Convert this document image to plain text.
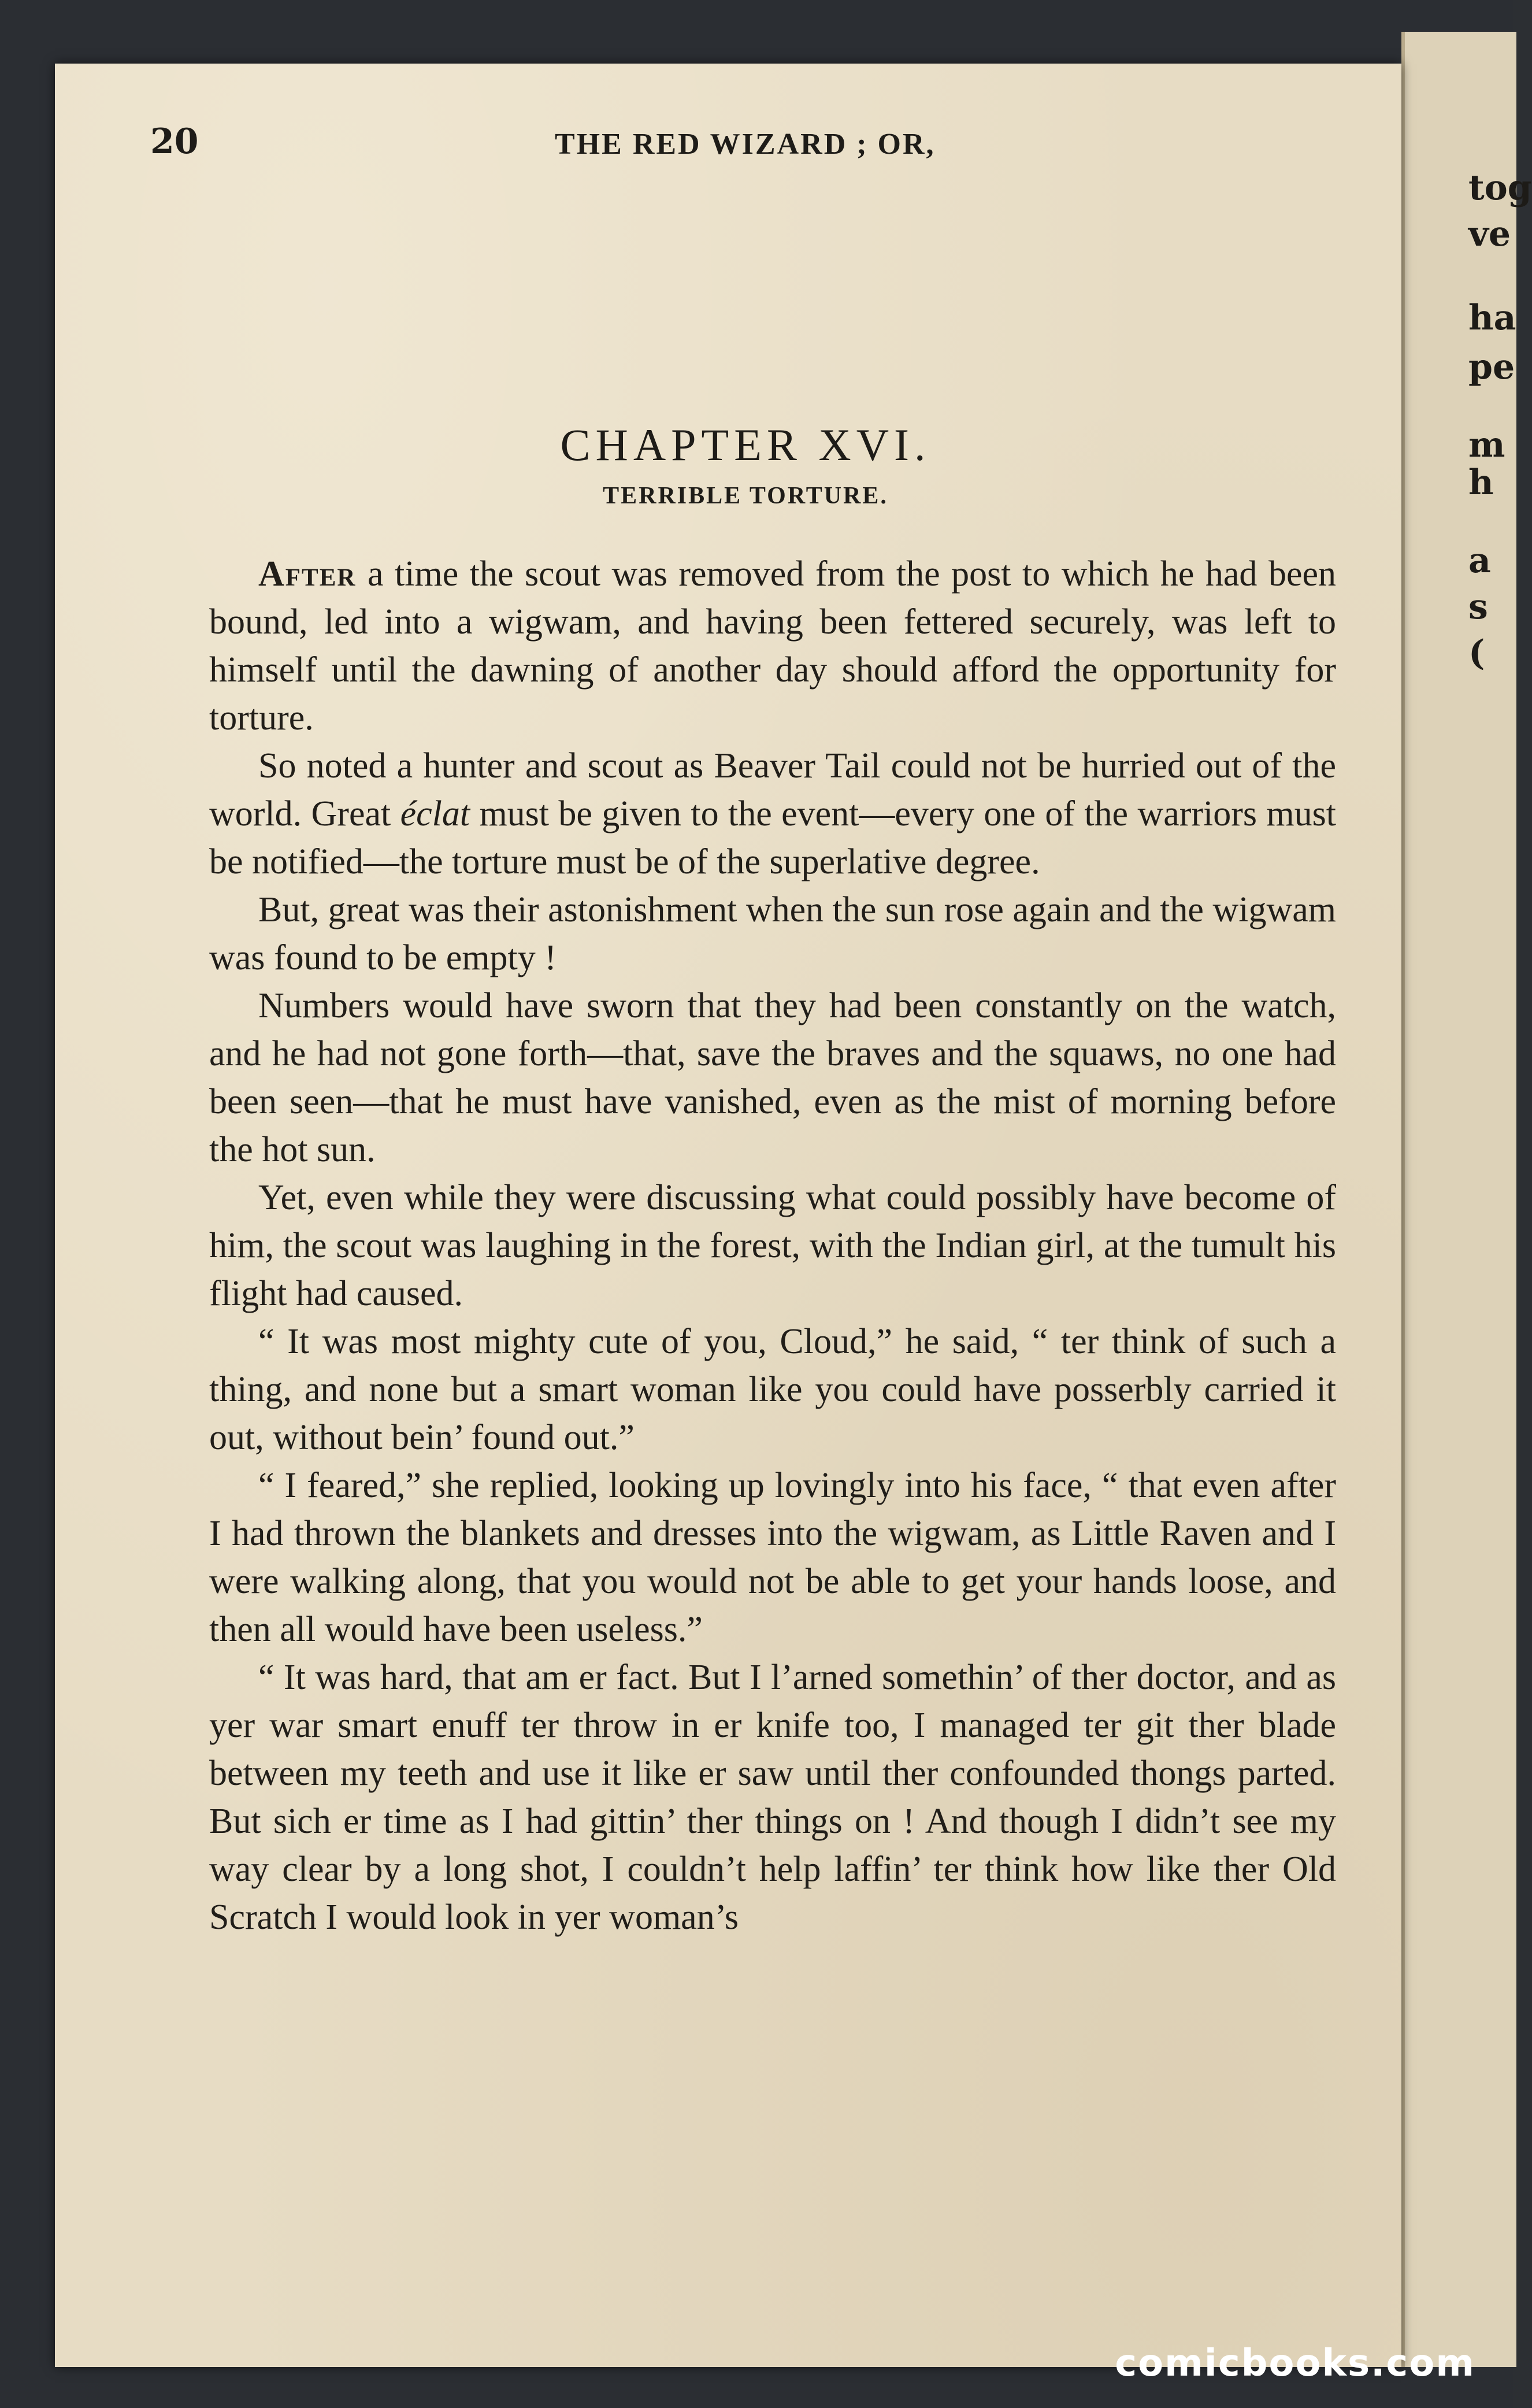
tog
ve
ha
pe
m
h
a
s
(
20	THE RED WIZARD ; OR,
CHAPTER XVI.
TERRIBLE TORTURE.

After a time the scout was removed from the post to which he had been bound, led into a wigwam, and having been fettered securely, was left to himself until the dawning of another day should afford the opportunity for torture.

So noted a hunter and scout as Beaver Tail could not be hurried out of the world. Great éclat must be given to the event—every one of the warriors must be notified—the torture must be of the superlative degree.

But, great was their astonishment when the sun rose again and the wigwam was found to be empty !

Numbers would have sworn that they had been constantly on the watch, and he had not gone forth—that, save the braves and the squaws, no one had been seen—that he must have vanished, even as the mist of morning before the hot sun.

Yet, even while they were discussing what could possibly have become of him, the scout was laughing in the forest, with the Indian girl, at the tumult his flight had caused.

“ It was most mighty cute of you, Cloud,” he said, “ ter think of such a thing, and none but a smart woman like you could have posserbly carried it out, without bein’ found out.”

“ I feared,” she replied, looking up lovingly into his face, “ that even after I had thrown the blankets and dresses into the wigwam, as Little Raven and I were walking along, that you would not be able to get your hands loose, and then all would have been useless.”

“ It was hard, that am er fact. But I l’arned somethin’ of ther doctor, and as yer war smart enuff ter throw in er knife too, I managed ter git ther blade between my teeth and use it like er saw until ther confounded thongs parted. But sich er time as I had gittin’ ther things on ! And though I didn’t see my way clear by a long shot, I couldn’t help laffin’ ter think how like ther Old Scratch I would look in yer woman’s

comicbooks.com
